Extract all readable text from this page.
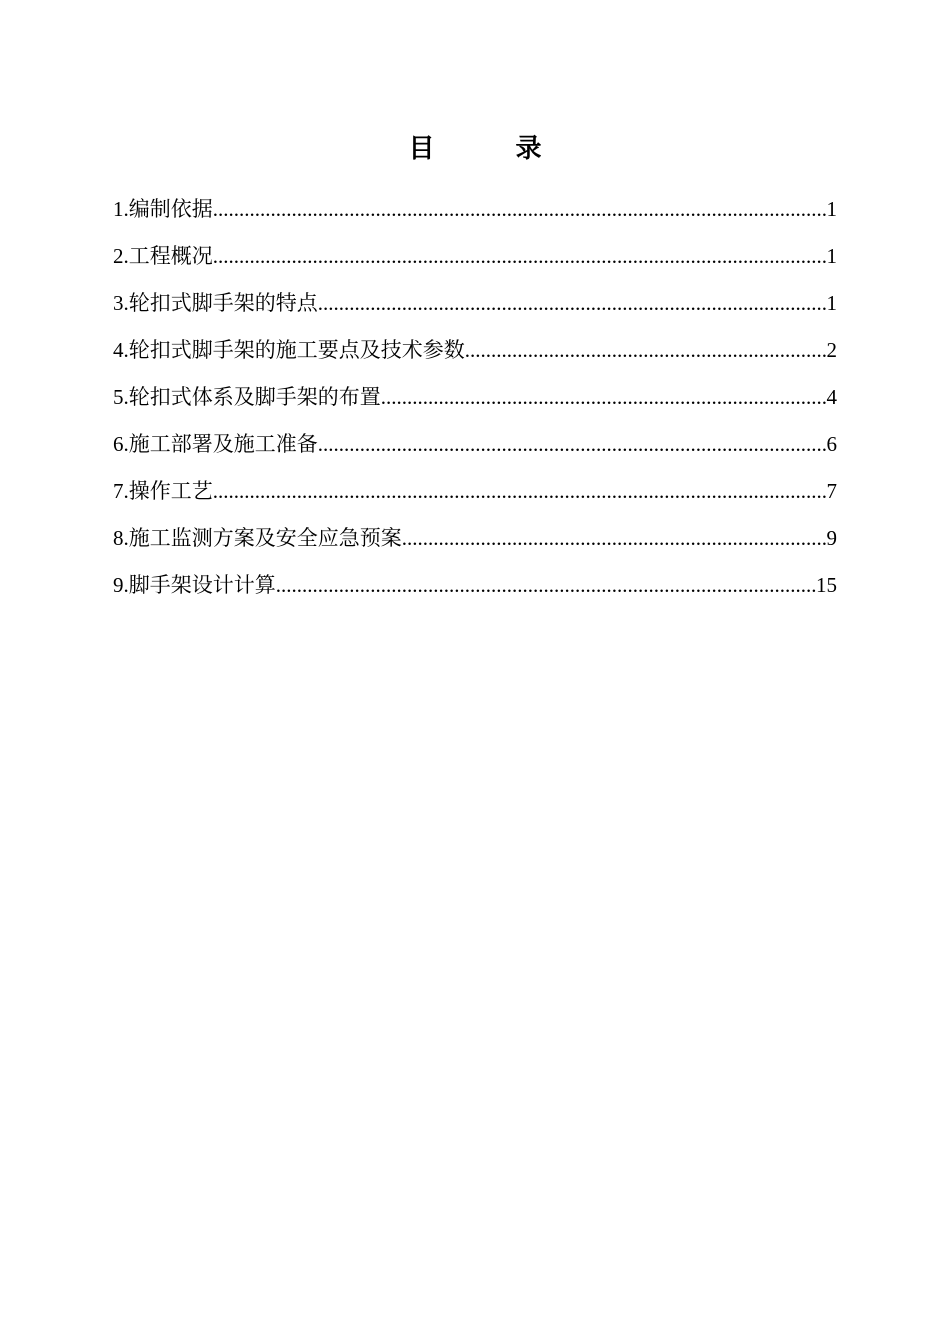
目 录
1.编制依据 .....	1
2.工程概况 .....	1
3.轮扣式脚手架的特点 .....	1
4.轮扣式脚手架的施工要点及技术参数 .....	2
5.轮扣式体系及脚手架的布置 .....	4
6.施工部署及施工准备 .....	6
7.操作工艺 .....	7
8.施工监测方案及安全应急预案 .....	9
9.脚手架设计计算 .....	15
